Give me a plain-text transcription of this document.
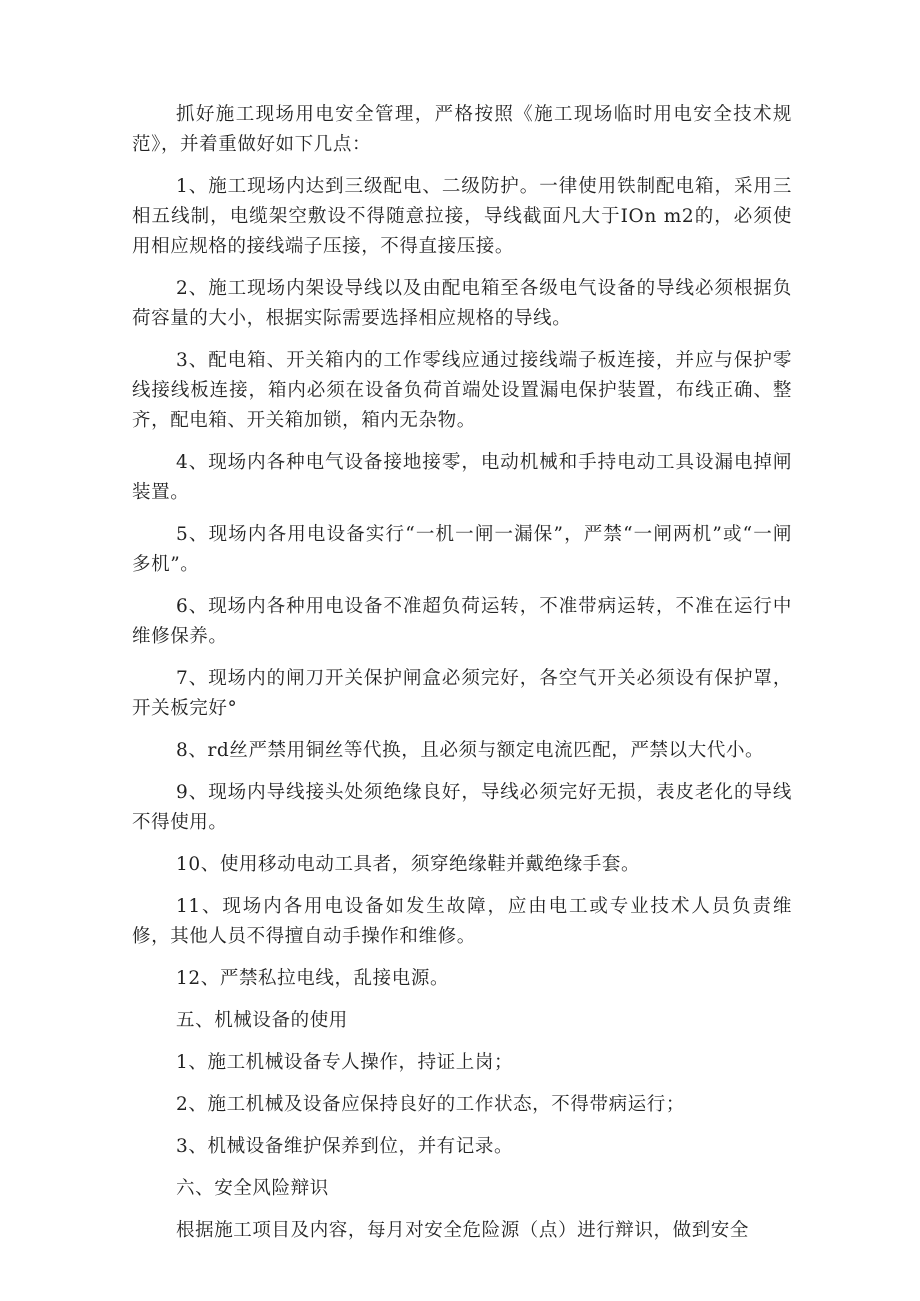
抓好施工现场用电安全管理，严格按照《施工现场临时用电安全技术规范》，并着重做好如下几点：

1、施工现场内达到三级配电、二级防护。一律使用铁制配电箱，采用三相五线制，电缆架空敷设不得随意拉接，导线截面凡大于IOn m2的，必须使用相应规格的接线端子压接，不得直接压接。

2、施工现场内架设导线以及由配电箱至各级电气设备的导线必须根据负荷容量的大小，根据实际需要选择相应规格的导线。

3、配电箱、开关箱内的工作零线应通过接线端子板连接，并应与保护零线接线板连接，箱内必须在设备负荷首端处设置漏电保护装置，布线正确、整齐，配电箱、开关箱加锁，箱内无杂物。

4、现场内各种电气设备接地接零，电动机械和手持电动工具设漏电掉闸装置。

5、现场内各用电设备实行“一机一闸一漏保”，严禁“一闸两机”或“一闸多机”。

6、现场内各种用电设备不准超负荷运转，不准带病运转，不准在运行中维修保养。

7、现场内的闸刀开关保护闸盒必须完好，各空气开关必须设有保护罩，开关板完好°

8、rd丝严禁用铜丝等代换，且必须与额定电流匹配，严禁以大代小。

9、现场内导线接头处须绝缘良好，导线必须完好无损，表皮老化的导线不得使用。

10、使用移动电动工具者，须穿绝缘鞋并戴绝缘手套。

11、现场内各用电设备如发生故障，应由电工或专业技术人员负责维修，其他人员不得擅自动手操作和维修。

12、严禁私拉电线，乱接电源。

五、机械设备的使用

1、施工机械设备专人操作，持证上岗；

2、施工机械及设备应保持良好的工作状态，不得带病运行；

3、机械设备维护保养到位，并有记录。

六、安全风险辩识

根据施工项目及内容，每月对安全危险源（点）进行辩识，做到安全
